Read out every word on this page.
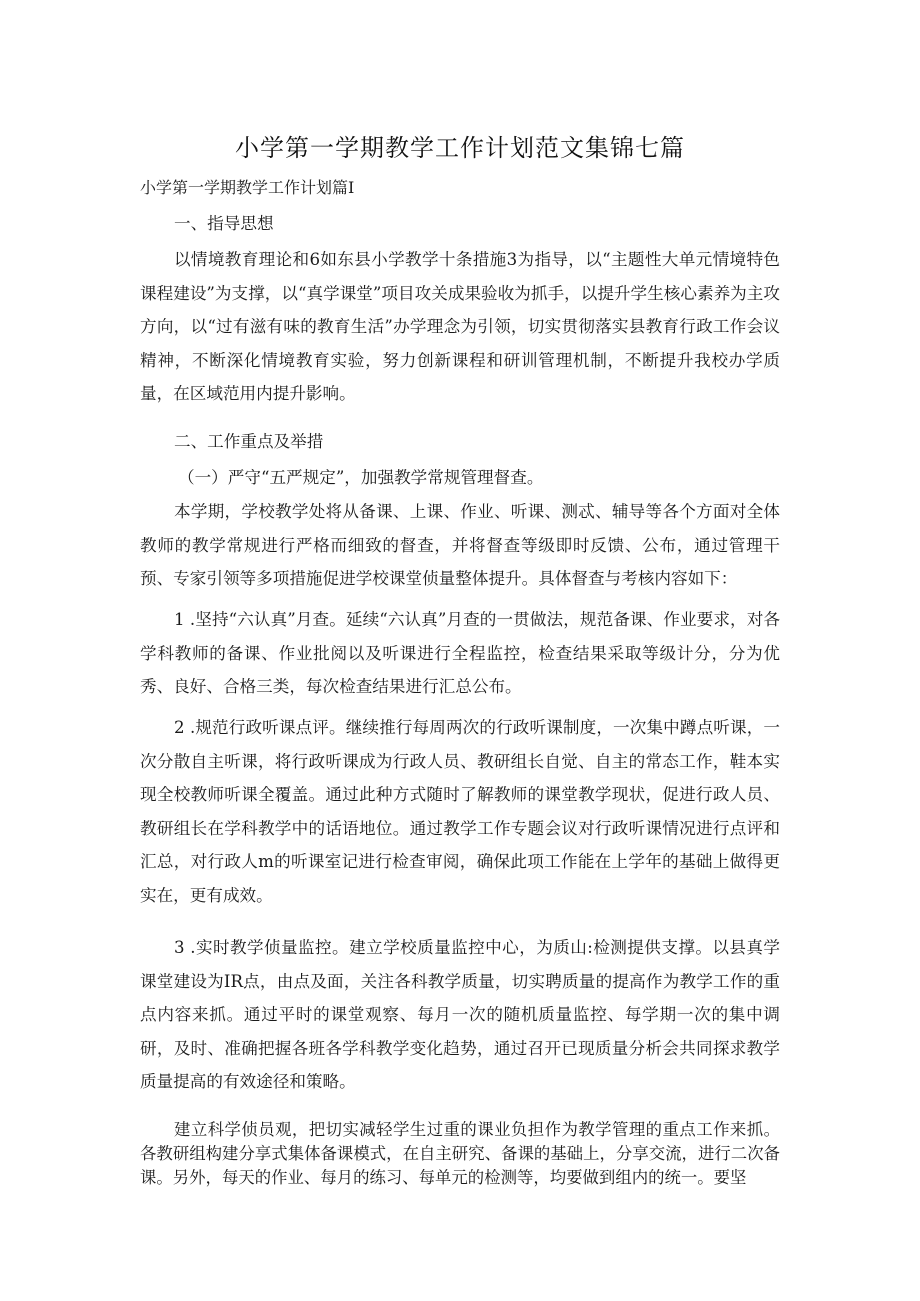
小学第一学期教学工作计划范文集锦七篇
小学第一学期教学工作计划篇I
一、指导思想
以情境教育理论和6如东县小学教学十条措施3为指导，以“主题性大单元情境特色课程建设”为支撑，以“真学课堂”项目攻关成果验收为抓手，以提升学生核心素养为主攻方向，以“过有滋有味的教育生活”办学理念为引领，切实贯彻落实县教育行政工作会议精神，不断深化情境教育实验，努力创新课程和研训管理机制，不断提升我校办学质量，在区域范用内提升影响。
二、工作重点及举措
（一）严守“五严规定”，加强教学常规管理督查。
本学期，学校教学处将从备课、上课、作业、听课、测忒、辅导等各个方面对全体教师的教学常规进行严格而细致的督查，并将督查等级即时反馈、公布，通过管理干预、专家引领等多项措施促进学校课堂侦量整体提升。具体督查与考核内容如下：
1 .坚持“六认真”月查。延续“六认真”月查的一贯做法，规范备课、作业要求，对各学科教师的备课、作业批阅以及听课进行全程监控，检查结果采取等级计分，分为优秀、良好、合格三类，每次检查结果进行汇总公布。
2 .规范行政听课点评。继续推行每周两次的行政听课制度，一次集中蹲点听课，一次分散自主听课，将行政听课成为行政人员、教研组长自觉、自主的常态工作，鞋本实现全校教师听课全覆盖。通过此种方式随时了解教师的课堂教学现状，促进行政人员、教研组长在学科教学中的话语地位。通过教学工作专题会议对行政听课情况进行点评和汇总，对行政人m的听课室记进行检查审阅，确保此项工作能在上学年的基础上做得更实在，更有成效。
3 .实时教学侦量监控。建立学校质量监控中心，为质山:检测提供支撑。以县真学课堂建设为IR点，由点及面，关注各科教学质量，切实聘质量的提高作为教学工作的重点内容来抓。通过平时的课堂观察、每月一次的随机质量监控、每学期一次的集中调研，及时、准确把握各班各学科教学变化趋势，通过召开已现质量分析会共同探求教学质量提高的有效途径和策略。
建立科学侦员观，把切实减轻学生过重的课业负担作为教学管理的重点工作来抓。各教研组构建分享式集体备课模式，在自主研究、备课的基础上，分享交流，进行二次备课。另外，每天的作业、每月的练习、每单元的检测等，均要做到组内的统一。要坚
